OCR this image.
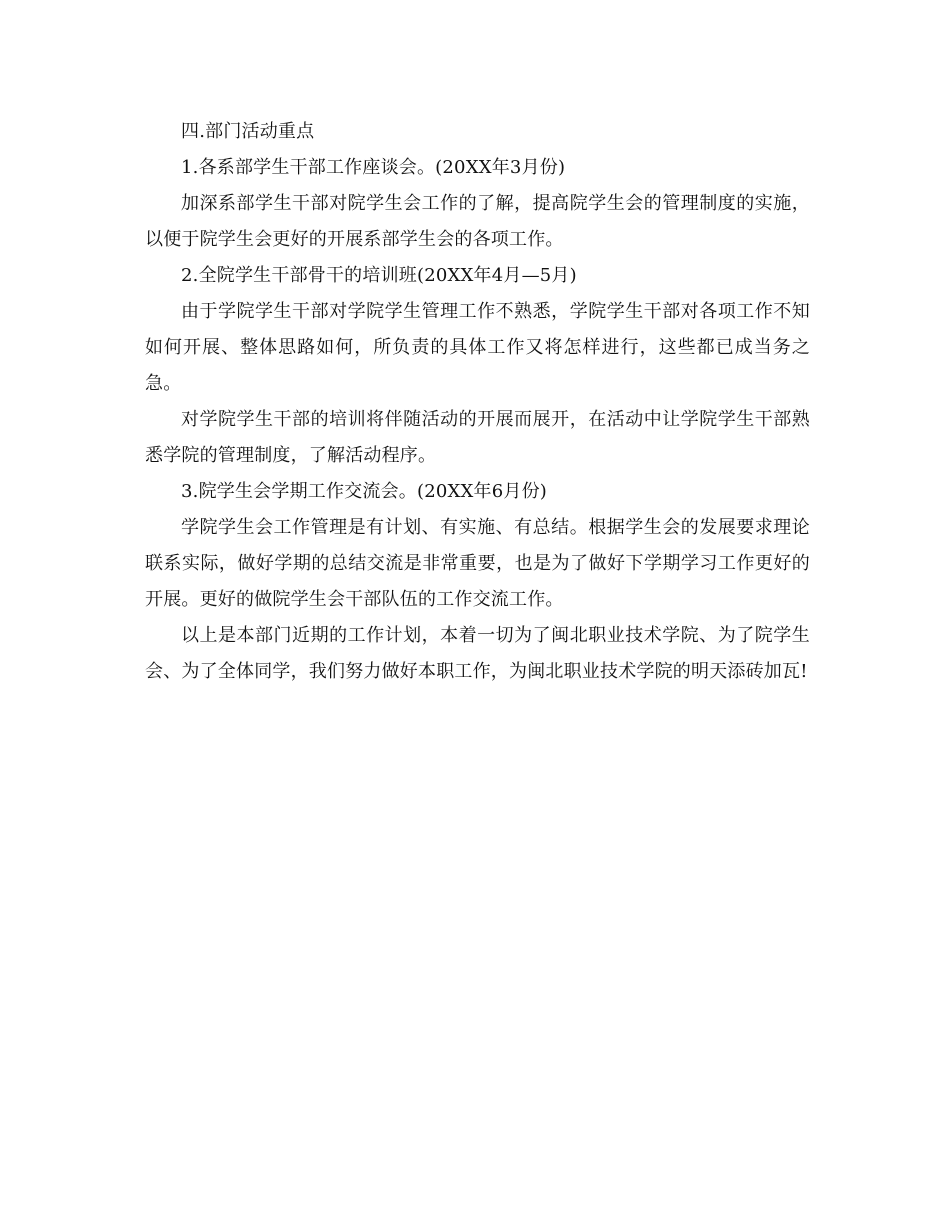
四.部门活动重点

1.各系部学生干部工作座谈会。(20XX年3月份)

加深系部学生干部对院学生会工作的了解，提高院学生会的管理制度的实施，以便于院学生会更好的开展系部学生会的各项工作。

2.全院学生干部骨干的培训班(20XX年4月—5月)

由于学院学生干部对学院学生管理工作不熟悉，学院学生干部对各项工作不知如何开展、整体思路如何，所负责的具体工作又将怎样进行，这些都已成当务之急。

对学院学生干部的培训将伴随活动的开展而展开，在活动中让学院学生干部熟悉学院的管理制度，了解活动程序。

3.院学生会学期工作交流会。(20XX年6月份)

学院学生会工作管理是有计划、有实施、有总结。根据学生会的发展要求理论联系实际，做好学期的总结交流是非常重要，也是为了做好下学期学习工作更好的开展。更好的做院学生会干部队伍的工作交流工作。

以上是本部门近期的工作计划，本着一切为了闽北职业技术学院、为了院学生会、为了全体同学，我们努力做好本职工作，为闽北职业技术学院的明天添砖加瓦!
